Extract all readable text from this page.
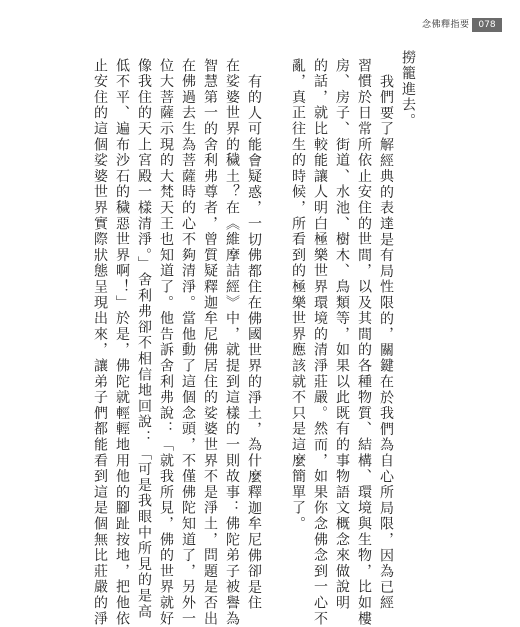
念佛釋指要 078
撈籠進去。
我們要了解經典的表達是有局性限的，關鍵在於我們為自心所局限，因為已經
習慣於日常所依止安住的世間，以及其間的各種物質、結構、環境與生物，比如樓
房、房子、街道、水池、樹木、鳥類等，如果以此既有的事物語文概念來做說明
的話，就比較能讓人明白極樂世界環境的清淨莊嚴。然而，如果你念佛念到一心不
亂，真正往生的時候，所看到的極樂世界應該就不只是這麼簡單了。
有的人可能會疑惑，一切佛都住在佛國世界的淨土，為什麼釋迦牟尼佛卻是住
在娑婆世界的穢土？在《維摩詰經》中，就提到這樣的一則故事：佛陀弟子被譽為
智慧第一的舍利弗尊者，曾質疑釋迦牟尼佛居住的娑婆世界不是淨土，問題是否出
在佛過去生為菩薩時的心不夠清淨。當他動了這個念頭，不僅佛陀知道了，另外一
位大菩薩示現的大梵天王也知道了。他告訴舍利弗說：「就我所見，佛的世界就好
像我住的天上宮殿一樣清淨。」舍利弗卻不相信地回說：「可是我眼中所見的是高
低不平、遍布沙石的穢惡世界啊！」於是，佛陀就輕輕地用他的腳趾按地，把他依
止安住的這個娑婆世界實際狀態呈現出來，讓弟子們都能看到這是個無比莊嚴的淨
